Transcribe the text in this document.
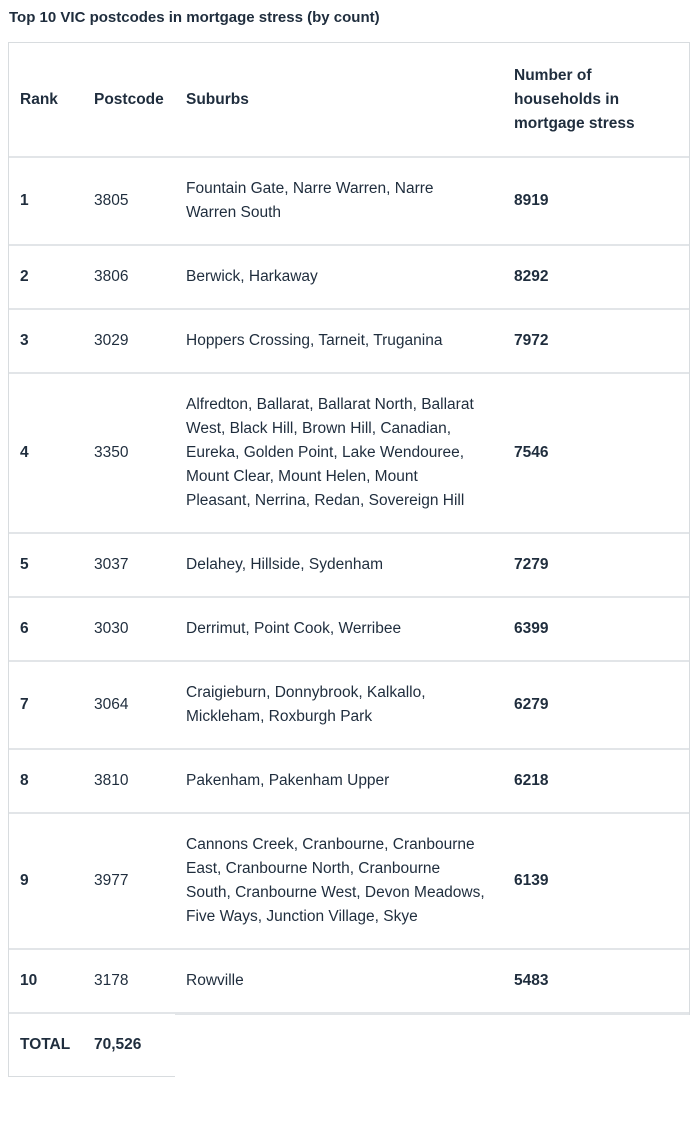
Top 10 VIC postcodes in mortgage stress (by count)
Rank	Postcode	Suburbs	Number of households in mortgage stress
1	3805	Fountain Gate, Narre Warren, Narre Warren South	8919
2	3806	Berwick, Harkaway	8292
3	3029	Hoppers Crossing, Tarneit, Truganina	7972
4	3350	Alfredton, Ballarat, Ballarat North, Ballarat West, Black Hill, Brown Hill, Canadian, Eureka, Golden Point, Lake Wendouree, Mount Clear, Mount Helen, Mount Pleasant, Nerrina, Redan, Sovereign Hill	7546
5	3037	Delahey, Hillside, Sydenham	7279
6	3030	Derrimut, Point Cook, Werribee	6399
7	3064	Craigieburn, Donnybrook, Kalkallo, Mickleham, Roxburgh Park	6279
8	3810	Pakenham, Pakenham Upper	6218
9	3977	Cannons Creek, Cranbourne, Cranbourne East, Cranbourne North, Cranbourne South, Cranbourne West, Devon Meadows, Five Ways, Junction Village, Skye	6139
10	3178	Rowville	5483
TOTAL	70,526		
